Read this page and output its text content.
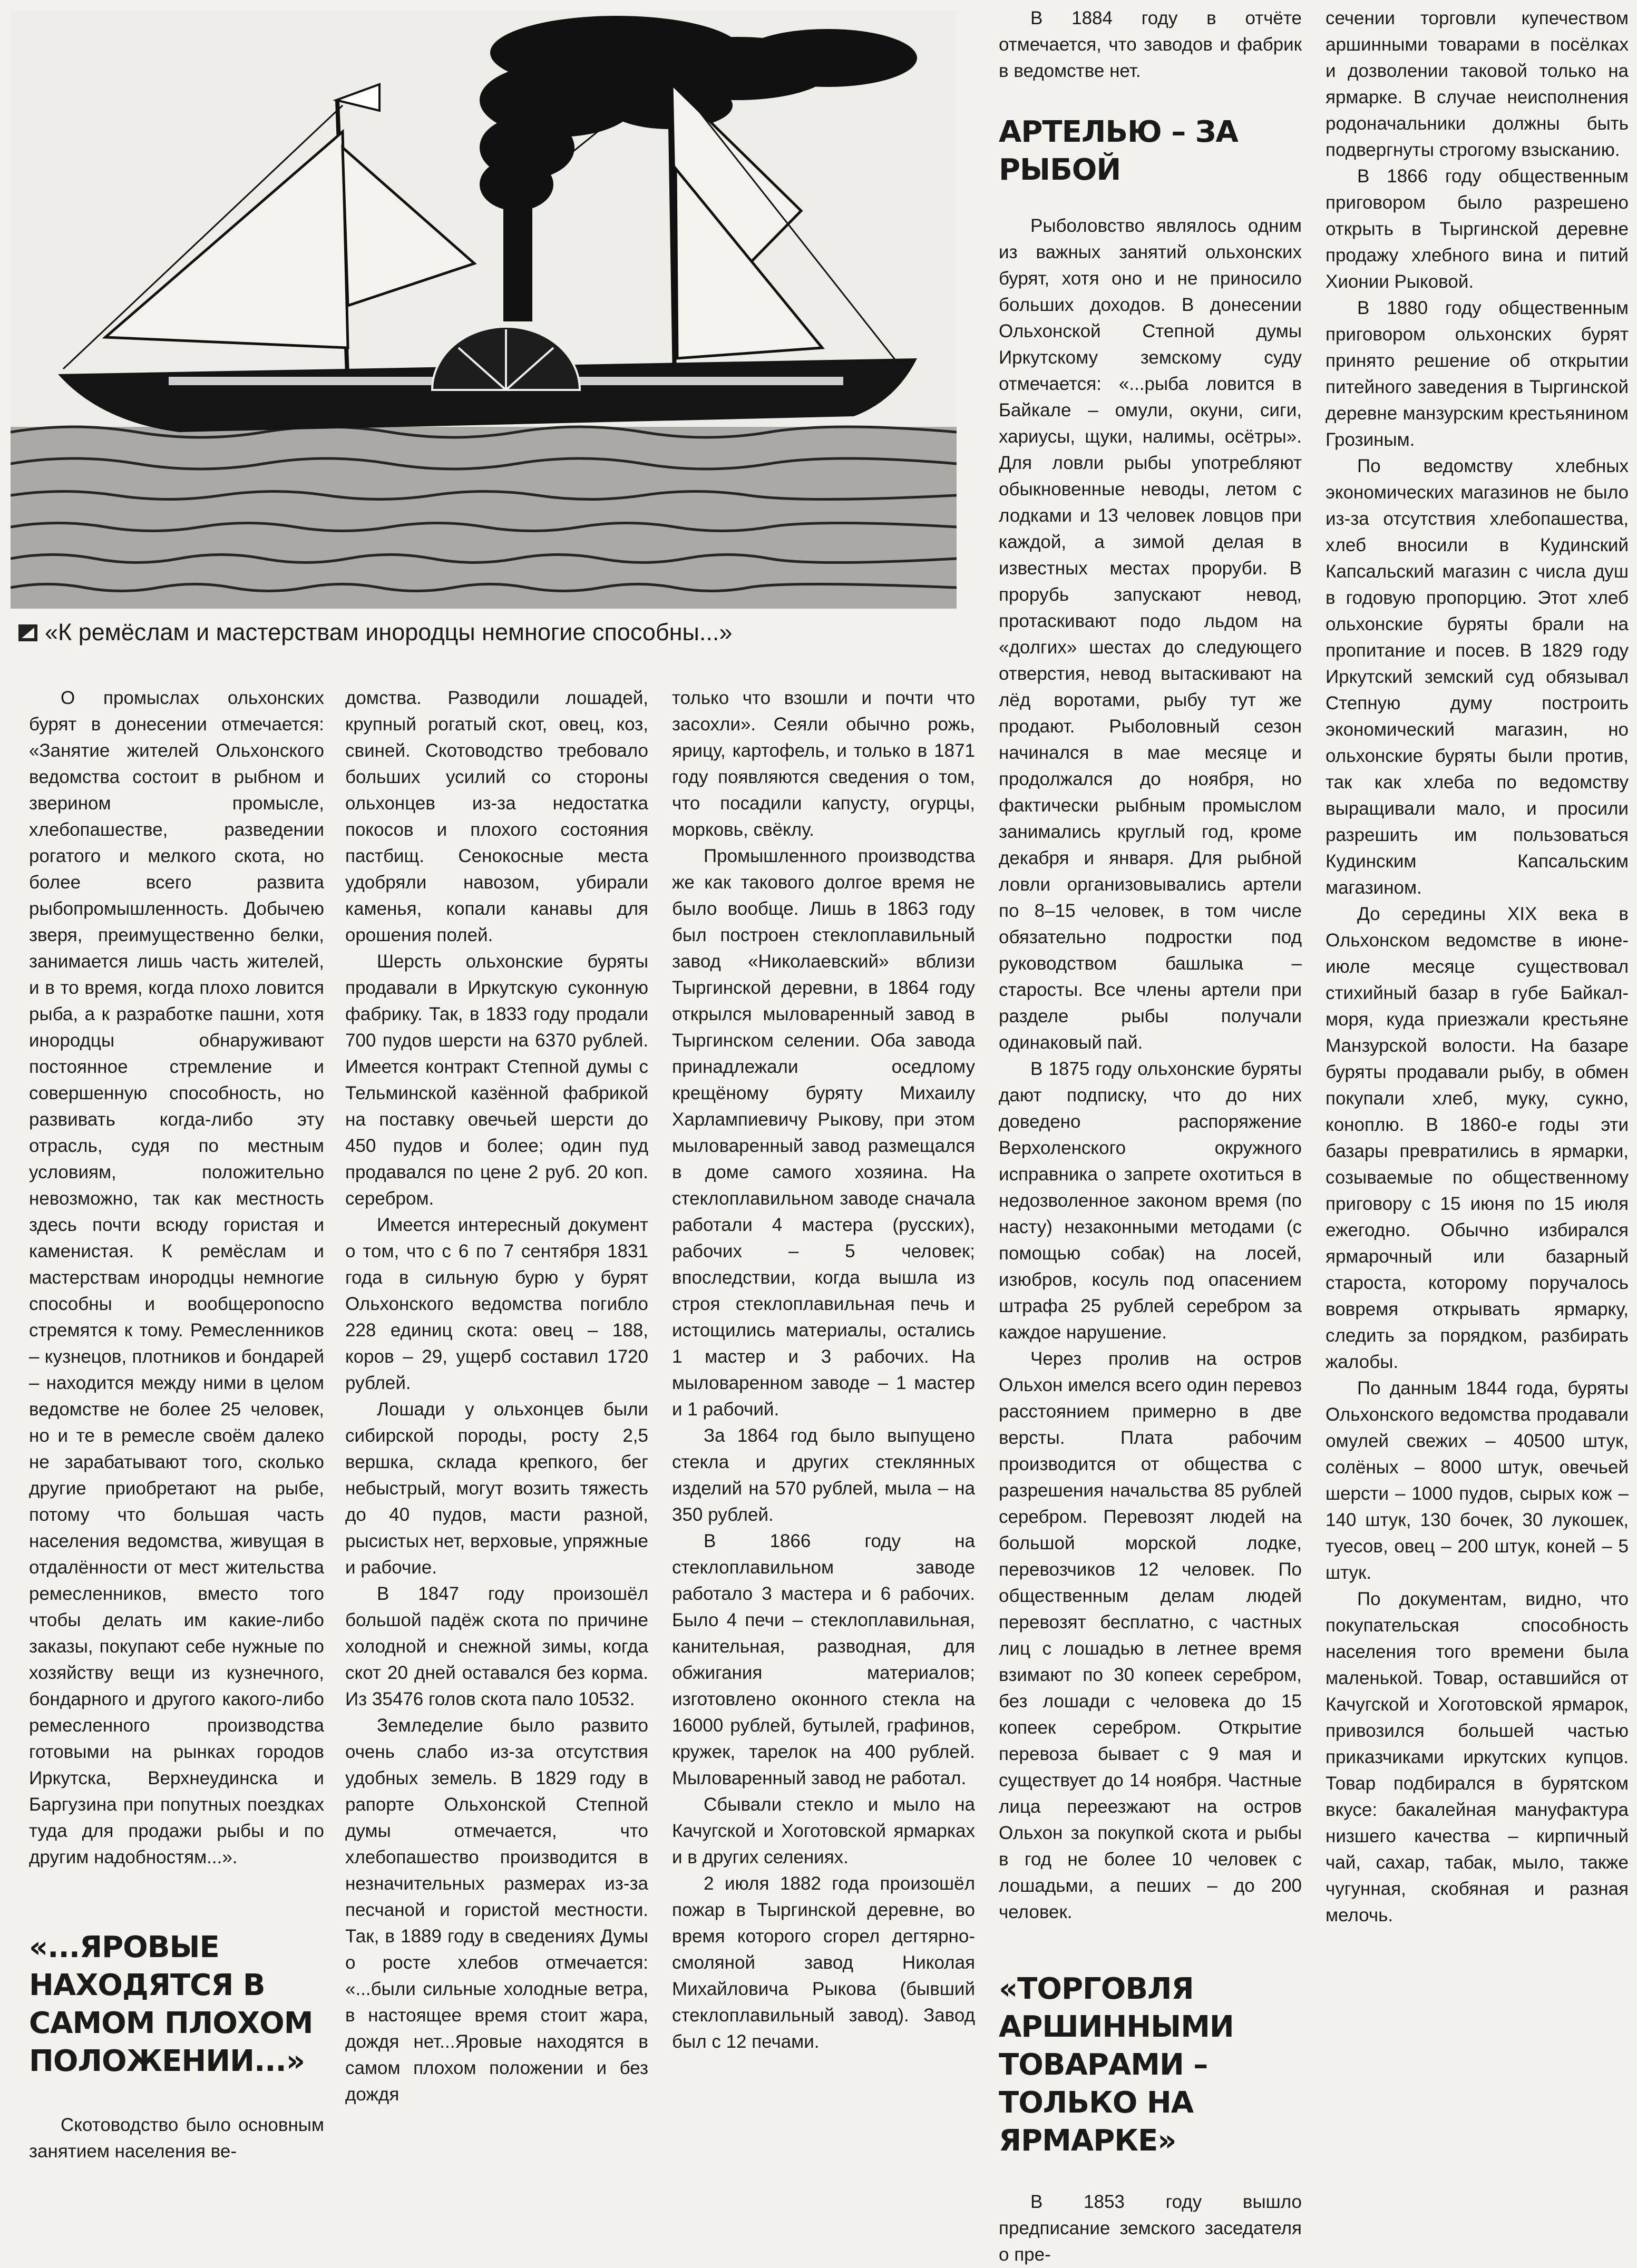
«К ремёслам и мастерствам инородцы немногие способны...»

О промыслах ольхонских бурят в донесении отмечается: «Занятие жителей Ольхонского ведомства состоит в рыбном и зверином промысле, хлебопашестве, разведении рогатого и мелкого скота, но более всего развита рыбопромышленность. Добычею зверя, преимущественно белки, занимается лишь часть жителей, и в то время, когда плохо ловится рыба, а к разработке пашни, хотя инородцы обнаруживают постоянное стремление и совершенную способность, но развивать когда-либо эту отрасль, судя по местным условиям, положительно невозможно, так как местность здесь почти всюду гористая и каменистая. К ремёслам и мастерствам инородцы немногие способны и вообщеponocno стремятся к тому. Ремесленников – кузнецов, плотников и бондарей – находится между ними в целом ведомстве не более 25 человек, но и те в ремесле своём далеко не зарабатывают того, сколько другие приобретают на рыбе, потому что большая часть населения ведомства, живущая в отдалённости от мест жительства ремесленников, вместо того чтобы делать им какие-либо заказы, покупают себе нужные по хозяйству вещи из кузнечного, бондарного и другого какого-либо ремесленного производства готовыми на рынках городов Иркутска, Верхнеудинска и Баргузина при попутных поездках туда для продажи рыбы и по другим надобностям...».

«...ЯРОВЫЕ НАХОДЯТСЯ В САМОМ ПЛОХОМ ПОЛОЖЕНИИ...»

Скотоводство было основным занятием населения ве-

домства. Разводили лошадей, крупный рогатый скот, овец, коз, свиней. Скотоводство требовало больших усилий со стороны ольхонцев из-за недостатка покосов и плохого состояния пастбищ. Сенокосные места удобряли навозом, убирали каменья, копали канавы для орошения полей.

Шерсть ольхонские буряты продавали в Иркутскую суконную фабрику. Так, в 1833 году продали 700 пудов шерсти на 6370 рублей. Имеется контракт Степной думы с Тельминской казённой фабрикой на поставку овечьей шерсти до 450 пудов и более; один пуд продавался по цене 2 руб. 20 коп. серебром.

Имеется интересный документ о том, что с 6 по 7 сентября 1831 года в сильную бурю у бурят Ольхонского ведомства погибло 228 единиц скота: овец – 188, коров – 29, ущерб составил 1720 рублей.

Лошади у ольхонцев были сибирской породы, росту 2,5 вершка, склада крепкого, бег небыстрый, могут возить тяжесть до 40 пудов, масти разной, рысистых нет, верховые, упряжные и рабочие.

В 1847 году произошёл большой падёж скота по причине холодной и снежной зимы, когда скот 20 дней оставался без корма. Из 35476 голов скота пало 10532.

Земледелие было развито очень слабо из-за отсутствия удобных земель. В 1829 году в рапорте Ольхонской Степной думы отмечается, что хлебопашество производится в незначительных размерах из-за песчаной и гористой местности. Так, в 1889 году в сведениях Думы о росте хлебов отмечается: «...были сильные холодные ветра, в настоящее время стоит жара, дождя нет...Яровые находятся в самом плохом положении и без дождя

только что взошли и почти что засохли». Сеяли обычно рожь, ярицу, картофель, и только в 1871 году появляются сведения о том, что посадили капусту, огурцы, морковь, свёклу.

Промышленного производства же как такового долгое время не было вообще. Лишь в 1863 году был построен стеклоплавильный завод «Николаевский» вблизи Тыргинской деревни, в 1864 году открылся мыловаренный завод в Тыргинском селении. Оба завода принадлежали оседлому крещёному буряту Михаилу Харлампиевичу Рыкову, при этом мыловаренный завод размещался в доме самого хозяина. На стеклоплавильном заводе сначала работали 4 мастера (русских), рабочих – 5 человек; впоследствии, когда вышла из строя стеклоплавильная печь и истощились материалы, остались 1 мастер и 3 рабочих. На мыловаренном заводе – 1 мастер и 1 рабочий.

За 1864 год было выпущено стекла и других стеклянных изделий на 570 рублей, мыла – на 350 рублей.

В 1866 году на стеклоплавильном заводе работало 3 мастера и 6 рабочих. Было 4 печи – стеклоплавильная, канительная, разводная, для обжигания материалов; изготовлено оконного стекла на 16000 рублей, бутылей, графинов, кружек, тарелок на 400 рублей. Мыловаренный завод не работал.

Сбывали стекло и мыло на Качугской и Хоготовской ярмарках и в других селениях.

2 июля 1882 года произошёл пожар в Тыргинской деревне, во время которого сгорел дегтярно-смоляной завод Николая Михайловича Рыкова (бывший стеклоплавильный завод). Завод был с 12 печами.

В 1884 году в отчёте отмечается, что заводов и фабрик в ведомстве нет.

АРТЕЛЬЮ – ЗА РЫБОЙ

Рыболовство являлось одним из важных занятий ольхонских бурят, хотя оно и не приносило больших доходов. В донесении Ольхонской Степной думы Иркутскому земскому суду отмечается: «...рыба ловится в Байкале – омули, окуни, сиги, хариусы, щуки, налимы, осётры». Для ловли рыбы употребляют обыкновенные неводы, летом с лодками и 13 человек ловцов при каждой, а зимой делая в известных местах проруби. В прорубь запускают невод, протаскивают подо льдом на «долгих» шестах до следующего отверстия, невод вытаскивают на лёд воротами, рыбу тут же продают. Рыболовный сезон начинался в мае месяце и продолжался до ноября, но фактически рыбным промыслом занимались круглый год, кроме декабря и января. Для рыбной ловли организовывались артели по 8–15 человек, в том числе обязательно подростки под руководством башлыка – старосты. Все члены артели при разделе рыбы получали одинаковый пай.

В 1875 году ольхонские буряты дают подписку, что до них доведено распоряжение Верхоленского окружного исправника о запрете охотиться в недозволенное законом время (по насту) незаконными методами (с помощью собак) на лосей, изюбров, косуль под опасением штрафа 25 рублей серебром за каждое нарушение.

Через пролив на остров Ольхон имелся всего один перевоз расстоянием примерно в две версты. Плата рабочим производится от общества с разрешения начальства 85 рублей серебром. Перевозят людей на большой морской лодке, перевозчиков 12 человек. По общественным делам людей перевозят бесплатно, с частных лиц с лошадью в летнее время взимают по 30 копеек серебром, без лошади с человека до 15 копеек серебром. Открытие перевоза бывает с 9 мая и существует до 14 ноября. Частные лица переезжают на остров Ольхон за покупкой скота и рыбы в год не более 10 человек с лошадьми, а пеших – до 200 человек.

«ТОРГОВЛЯ АРШИННЫМИ ТОВАРАМИ – ТОЛЬКО НА ЯРМАРКЕ»

В 1853 году вышло предписание земского заседателя о пре-

сечении торговли купечеством аршинными товарами в посёлках и дозволении таковой только на ярмарке. В случае неисполнения родоначальники должны быть подвергнуты строгому взысканию.

В 1866 году общественным приговором было разрешено открыть в Тыргинской деревне продажу хлебного вина и питий Хионии Рыковой.

В 1880 году общественным приговором ольхонских бурят принято решение об открытии питейного заведения в Тыргинской деревне манзурским крестьянином Грозиным.

По ведомству хлебных экономических магазинов не было из-за отсутствия хлебопашества, хлеб вносили в Кудинский Капсальский магазин с числа душ в годовую пропорцию. Этот хлеб ольхонские буряты брали на пропитание и посев. В 1829 году Иркутский земский суд обязывал Степную думу построить экономический магазин, но ольхонские буряты были против, так как хлеба по ведомству выращивали мало, и просили разрешить им пользоваться Кудинским Капсальским магазином.

До середины XIX века в Ольхонском ведомстве в июне-июле месяце существовал стихийный базар в губе Байкал-моря, куда приезжали крестьяне Манзурской волости. На базаре буряты продавали рыбу, в обмен покупали хлеб, муку, сукно, коноплю. В 1860-е годы эти базары превратились в ярмарки, созываемые по общественному приговору с 15 июня по 15 июля ежегодно. Обычно избирался ярмарочный или базарный староста, которому поручалось вовремя открывать ярмарку, следить за порядком, разбирать жалобы.

По данным 1844 года, буряты Ольхонского ведомства продавали омулей свежих – 40500 штук, солёных – 8000 штук, овечьей шерсти – 1000 пудов, сырых кож – 140 штук, 130 бочек, 30 лукошек, туесов, овец – 200 штук, коней – 5 штук.

По документам, видно, что покупательская способность населения того времени была маленькой. Товар, оставшийся от Качугской и Хоготовской ярмарок, привозился большей частью приказчиками иркутских купцов. Товар подбирался в бурятском вкусе: бакалейная мануфактура низшего качества – кирпичный чай, сахар, табак, мыло, также чугунная, скобяная и разная мелочь.
